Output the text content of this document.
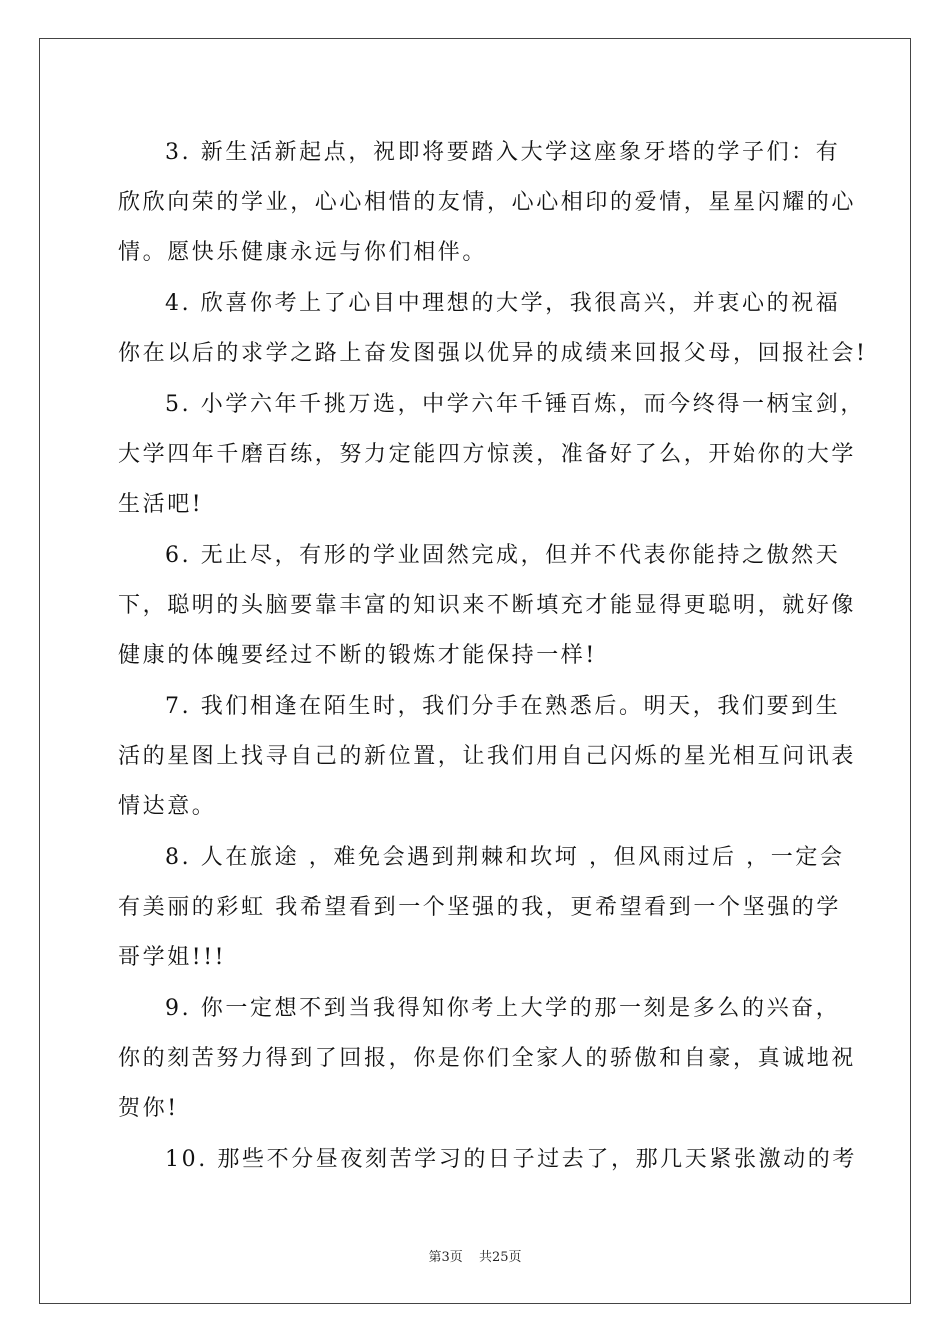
3. 新生活新起点，祝即将要踏入大学这座象牙塔的学子们：有
欣欣向荣的学业，心心相惜的友情，心心相印的爱情，星星闪耀的心
情。愿快乐健康永远与你们相伴。
4. 欣喜你考上了心目中理想的大学，我很高兴，并衷心的祝福
你在以后的求学之路上奋发图强以优异的成绩来回报父母，回报社会!
5. 小学六年千挑万选，中学六年千锤百炼，而今终得一柄宝剑，
大学四年千磨百练，努力定能四方惊羡，准备好了么，开始你的大学
生活吧!
6. 无止尽，有形的学业固然完成，但并不代表你能持之傲然天
下，聪明的头脑要靠丰富的知识来不断填充才能显得更聪明，就好像
健康的体魄要经过不断的锻炼才能保持一样!
7. 我们相逢在陌生时，我们分手在熟悉后。明天，我们要到生
活的星图上找寻自己的新位置，让我们用自己闪烁的星光相互问讯表
情达意。
8. 人在旅途 ，难免会遇到荆棘和坎坷 ，但风雨过后 ，一定会
有美丽的彩虹 我希望看到一个坚强的我，更希望看到一个坚强的学
哥学姐!!!
9. 你一定想不到当我得知你考上大学的那一刻是多么的兴奋，
你的刻苦努力得到了回报，你是你们全家人的骄傲和自豪，真诚地祝
贺你!
10. 那些不分昼夜刻苦学习的日子过去了，那几天紧张激动的考
第3页 共25页
